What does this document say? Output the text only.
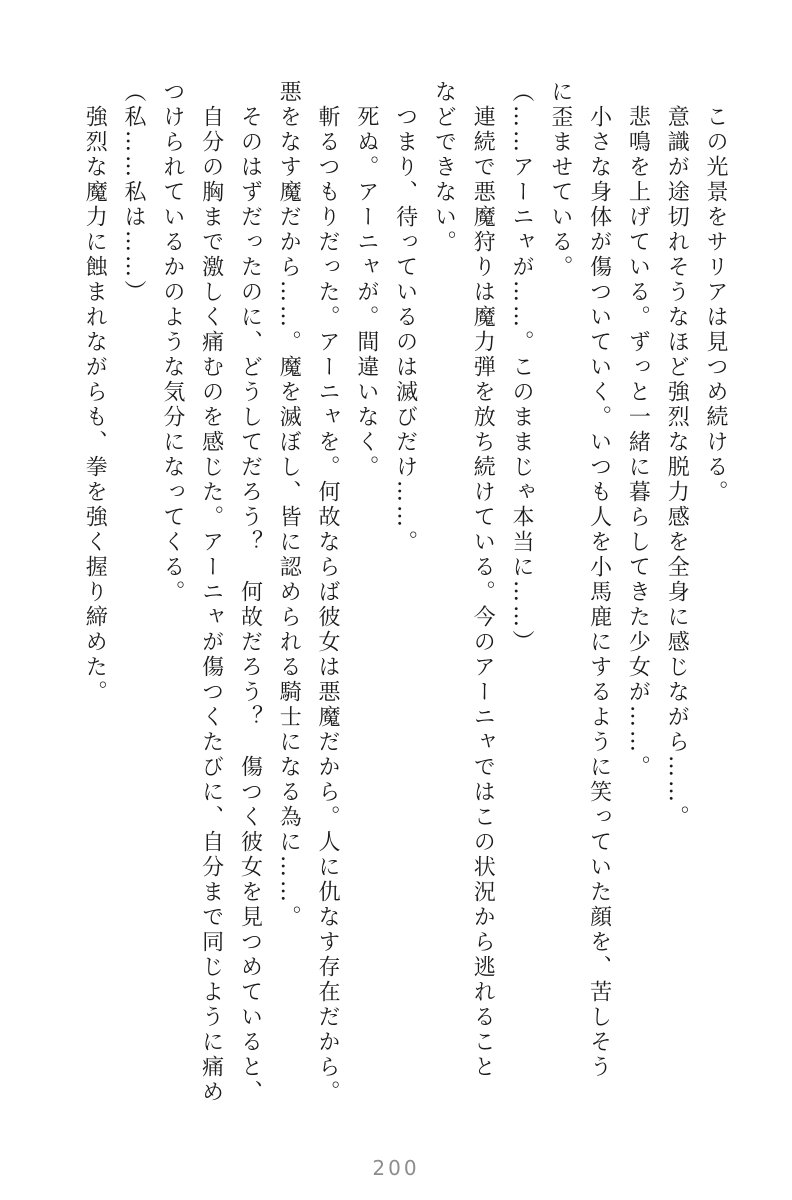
この光景をサリアは見つめ続ける。

意識が途切れそうなほど強烈な脱力感を全身に感じながら……。

悲鳴を上げている。ずっと一緒に暮らしてきた少女が……。

小さな身体が傷ついていく。いつも人を小馬鹿にするように笑っていた顔を、苦しそう

に歪ませている。

（……アーニャが……。このままじゃ本当に……）

連続で悪魔狩りは魔力弾を放ち続けている。今のアーニャではこの状況から逃れること

などできない。

つまり、待っているのは滅びだけ……。

死ぬ。アーニャが。間違いなく。

斬るつもりだった。アーニャを。何故ならば彼女は悪魔だから。人に仇なす存在だから。

悪をなす魔だから……。魔を滅ぼし、皆に認められる騎士になる為に……。

そのはずだったのに、どうしてだろう？　何故だろう？　傷つく彼女を見つめていると、

自分の胸まで激しく痛むのを感じた。アーニャが傷つくたびに、自分まで同じように痛め

つけられているかのような気分になってくる。

（私……私は……）

強烈な魔力に蝕まれながらも、拳を強く握り締めた。

200
